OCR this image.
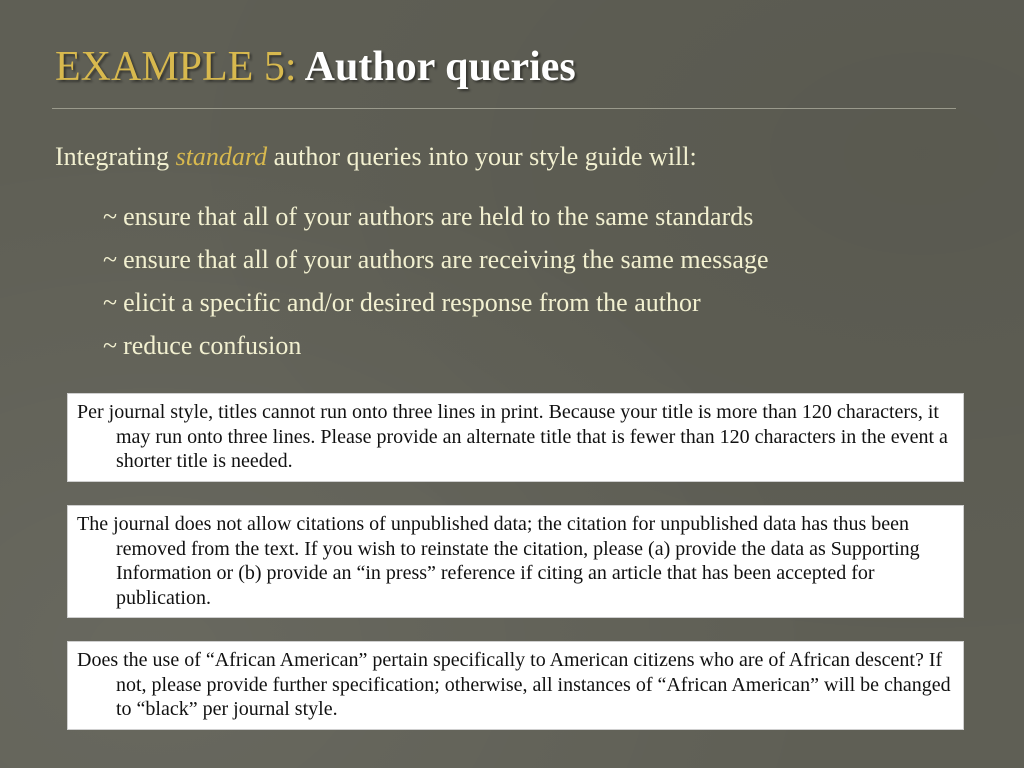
EXAMPLE 5: Author queries

Integrating standard author queries into your style guide will:

~ ensure that all of your authors are held to the same standards
~ ensure that all of your authors are receiving the same message
~ elicit a specific and/or desired response from the author
~ reduce confusion

Per journal style, titles cannot run onto three lines in print. Because your title is more than 120 characters, it may run onto three lines. Please provide an alternate title that is fewer than 120 characters in the event a shorter title is needed.

The journal does not allow citations of unpublished data; the citation for unpublished data has thus been removed from the text. If you wish to reinstate the citation, please (a) provide the data as Supporting Information or (b) provide an “in press” reference if citing an article that has been accepted for publication.

Does the use of “African American” pertain specifically to American citizens who are of African descent? If not, please provide further specification; otherwise, all instances of “African American” will be changed to “black” per journal style.
